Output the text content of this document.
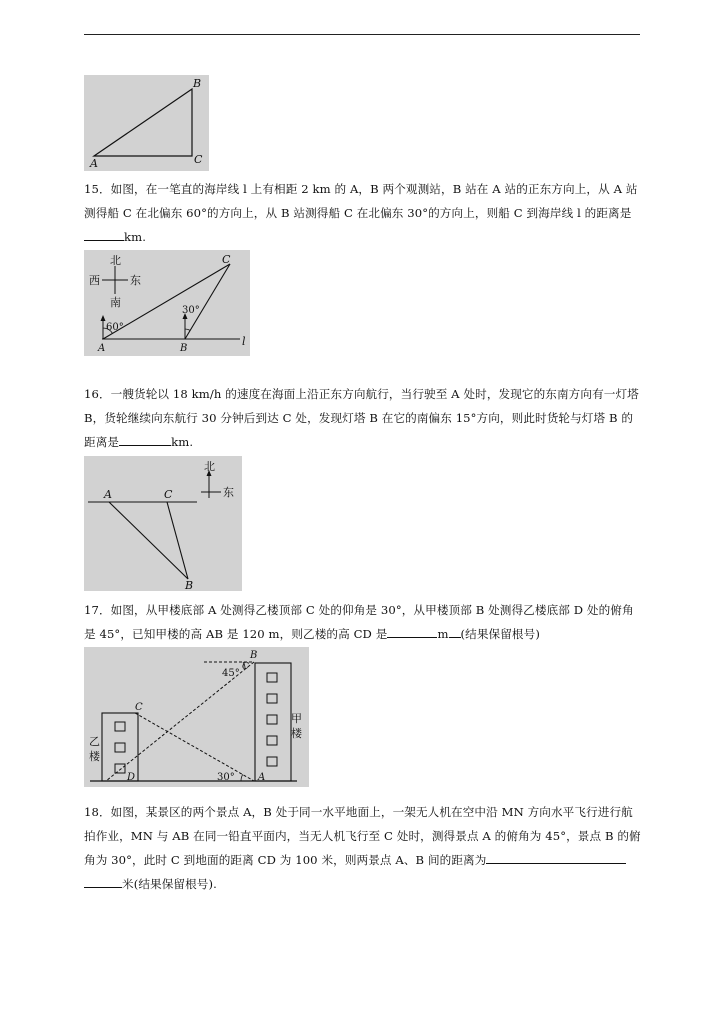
A
B
C

15．如图，在一笔直的海岸线 l 上有相距 2 km 的 A，B 两个观测站，B 站在 A 站的正东方向上，从 A 站测得船 C 在北偏东 60°的方向上，从 B 站测得船 C 在北偏东 30°的方向上，则船 C 到海岸线 l 的距离是km.

北
南
西	东
60°
30°
A	B
C
l

16．一艘货轮以 18 km/h 的速度在海面上沿正东方向航行，当行驶至 A 处时，发现它的东南方向有一灯塔 B，货轮继续向东航行 30 分钟后到达 C 处，发现灯塔 B 在它的南偏东 15°方向，则此时货轮与灯塔 B 的距离是	km.

北
东
A	C
B

17．如图，从甲楼底部 A 处测得乙楼顶部 C 处的仰角是 30°，从甲楼顶部 B 处测得乙楼底部 D 处的俯角是 45°，已知甲楼的高 AB 是 120 m，则乙楼的高 CD 是	m (结果保留根号)

45°
30°
B
C
C
D	A
甲
楼
乙
楼

18．如图，某景区的两个景点 A，B 处于同一水平地面上，一架无人机在空中沿 MN 方向水平飞行进行航拍作业，MN 与 AB 在同一铅直平面内，当无人机飞行至 C 处时，测得景点 A 的俯角为 45°，景点 B 的俯角为 30°，此时 C 到地面的距离 CD 为 100 米，则两景点 A、B 间的距离为米(结果保留根号).
